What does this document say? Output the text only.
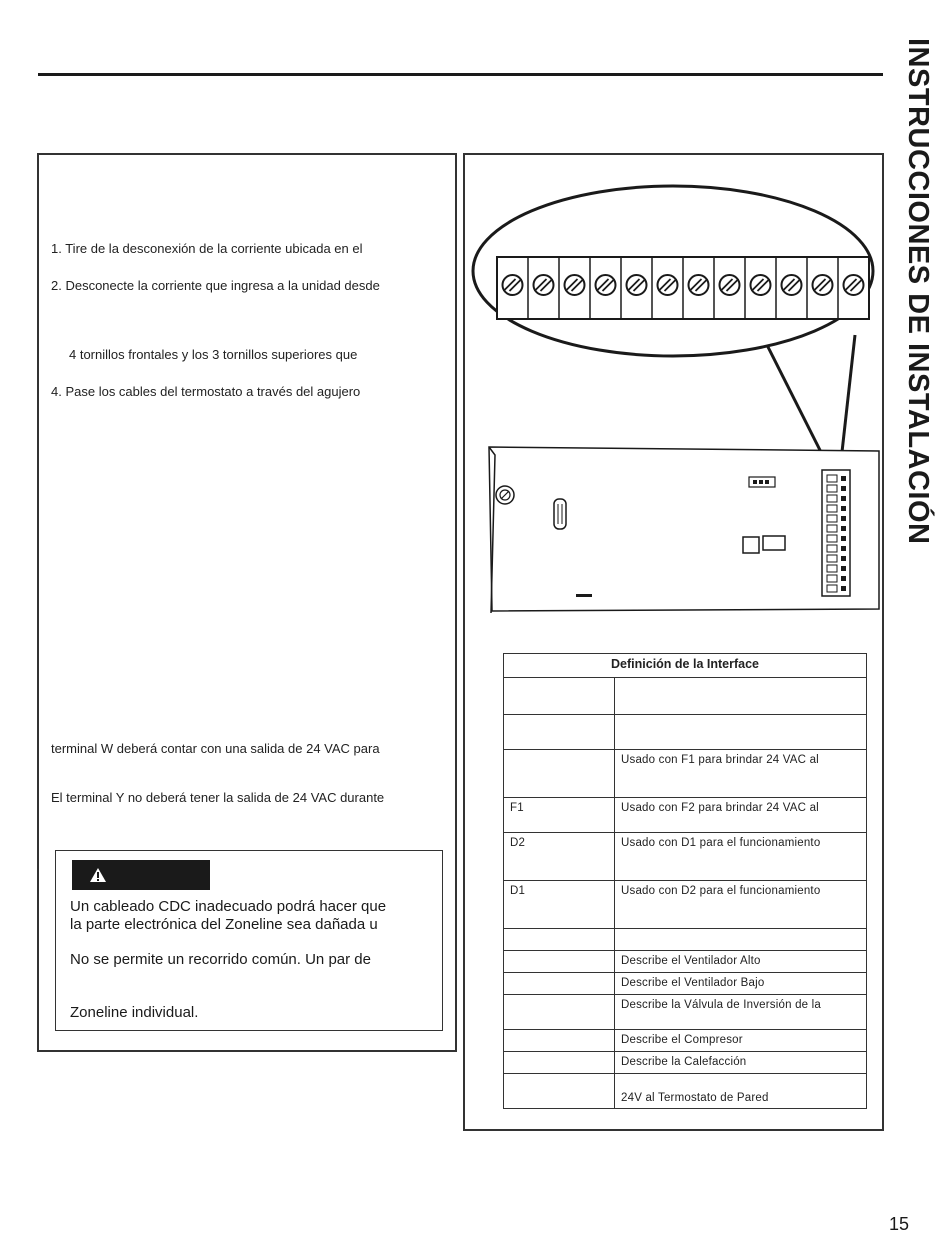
INSTRUCCIONES DE INSTALACIÓN
15
1. Tire de la desconexión de la corriente ubicada en el
2. Desconecte la corriente que ingresa a la unidad desde
4 tornillos frontales y los 3 tornillos superiores que
4. Pase los cables del termostato a través del agujero
terminal W deberá contar con una salida de 24 VAC para
El terminal Y no deberá tener la salida de 24 VAC durante
Un cableado CDC inadecuado podrá hacer que
la parte electrónica del Zoneline sea dañada u
No se permite un recorrido común. Un par de
Zoneline individual.
Definición de la Interface	

	Usado con F1 para brindar 24 VAC al
F1	Usado con F2 para brindar 24 VAC al
D2	Usado con D1 para el funcionamiento
D1	Usado con D2 para el funcionamiento

	Describe el Ventilador Alto
	Describe el Ventilador Bajo
	Describe la Válvula de Inversión de la
	Describe el Compresor
	Describe la Calefacción
	24V al Termostato de Pared
